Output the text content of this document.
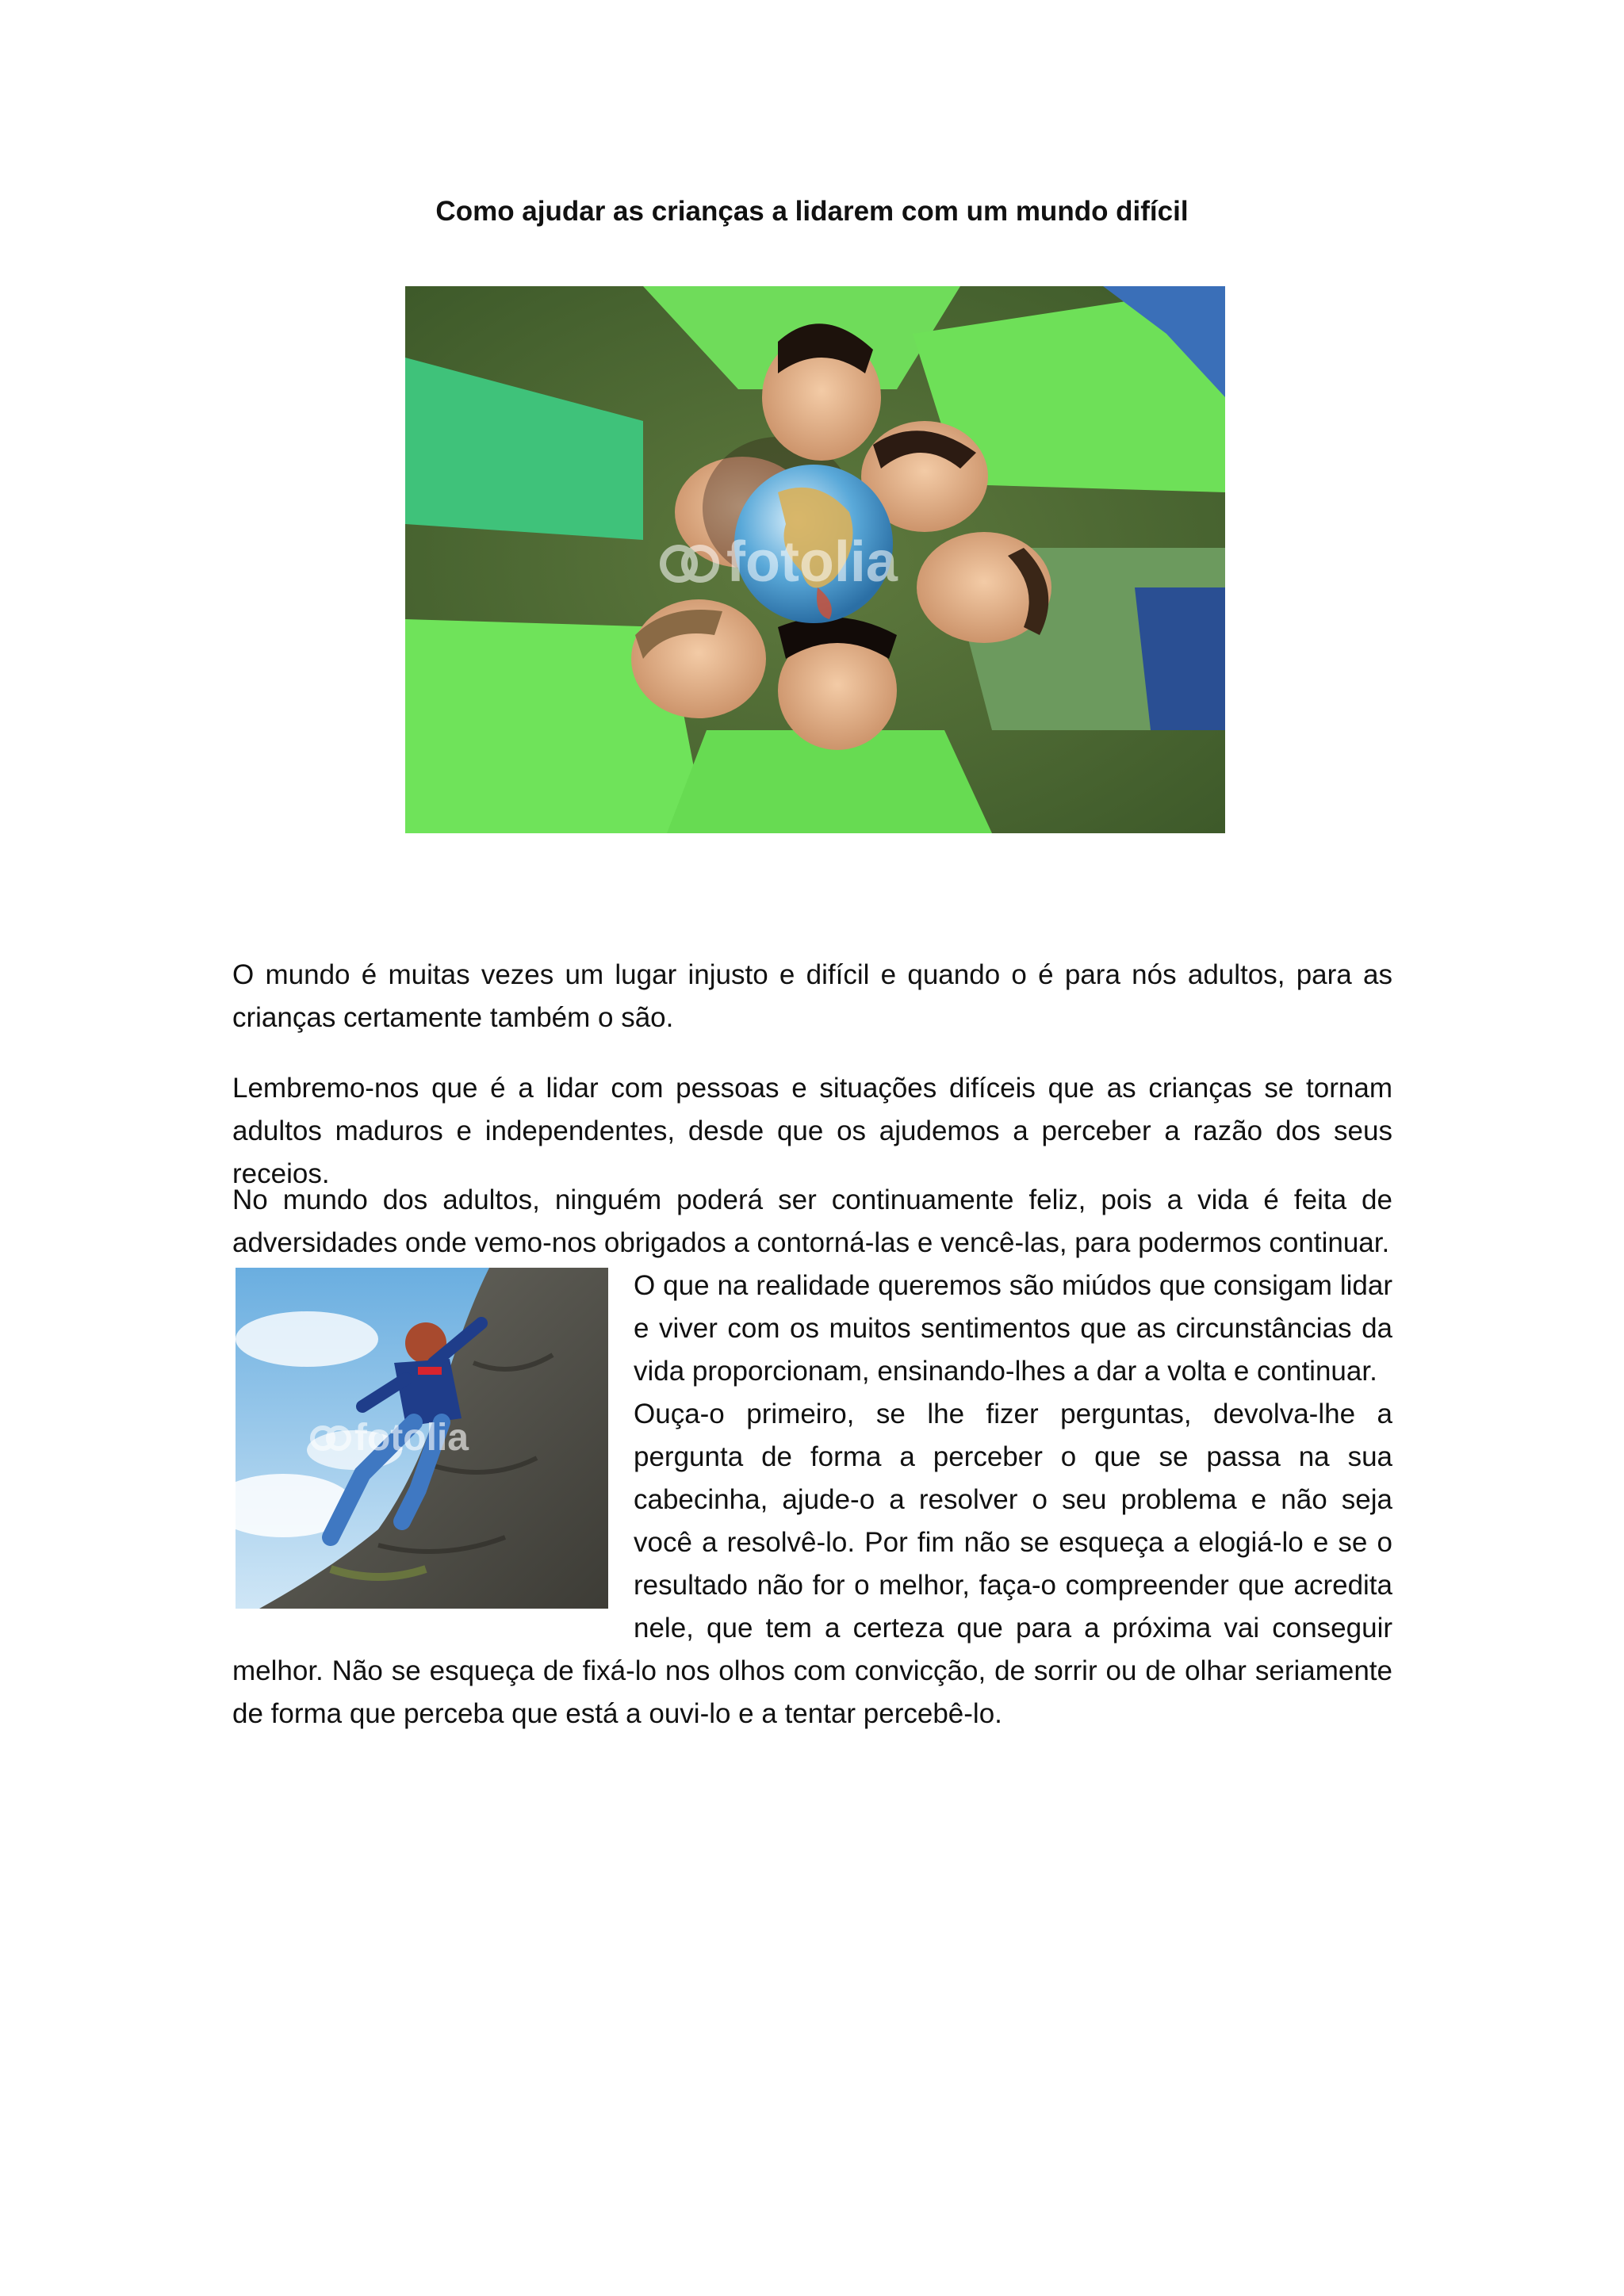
Como ajudar as crianças a lidarem com um mundo difícil
fotolia

O mundo é muitas vezes um lugar injusto e difícil e quando o é para nós adultos, para as crianças certamente também o são.

Lembremo-nos que é a lidar com pessoas e situações difíceis que as crianças se tornam adultos maduros e independentes, desde que os ajudemos a perceber a razão dos seus receios.

No mundo dos adultos, ninguém poderá ser continuamente feliz, pois a vida é feita de adversidades onde vemo-nos obrigados a contorná-las e vencê-las, para podermos continuar.
fotolia
O que na realidade queremos são miúdos que consigam lidar e viver com os muitos sentimentos que as circunstâncias da vida proporcionam, ensinando-lhes a dar a volta e continuar.
Ouça-o primeiro, se lhe fizer perguntas, devolva-lhe a pergunta de forma a perceber o que se passa na sua cabecinha, ajude-o a resolver o seu problema e não seja você a resolvê-lo. Por fim não se esqueça a elogiá-lo e se o resultado não for o melhor, faça-o compreender que acredita nele, que tem a certeza que para a próxima vai conseguir melhor. Não se esqueça de fixá-lo nos olhos com convicção, de sorrir ou de olhar seriamente de forma que perceba que está a ouvi-lo e a tentar percebê-lo.
